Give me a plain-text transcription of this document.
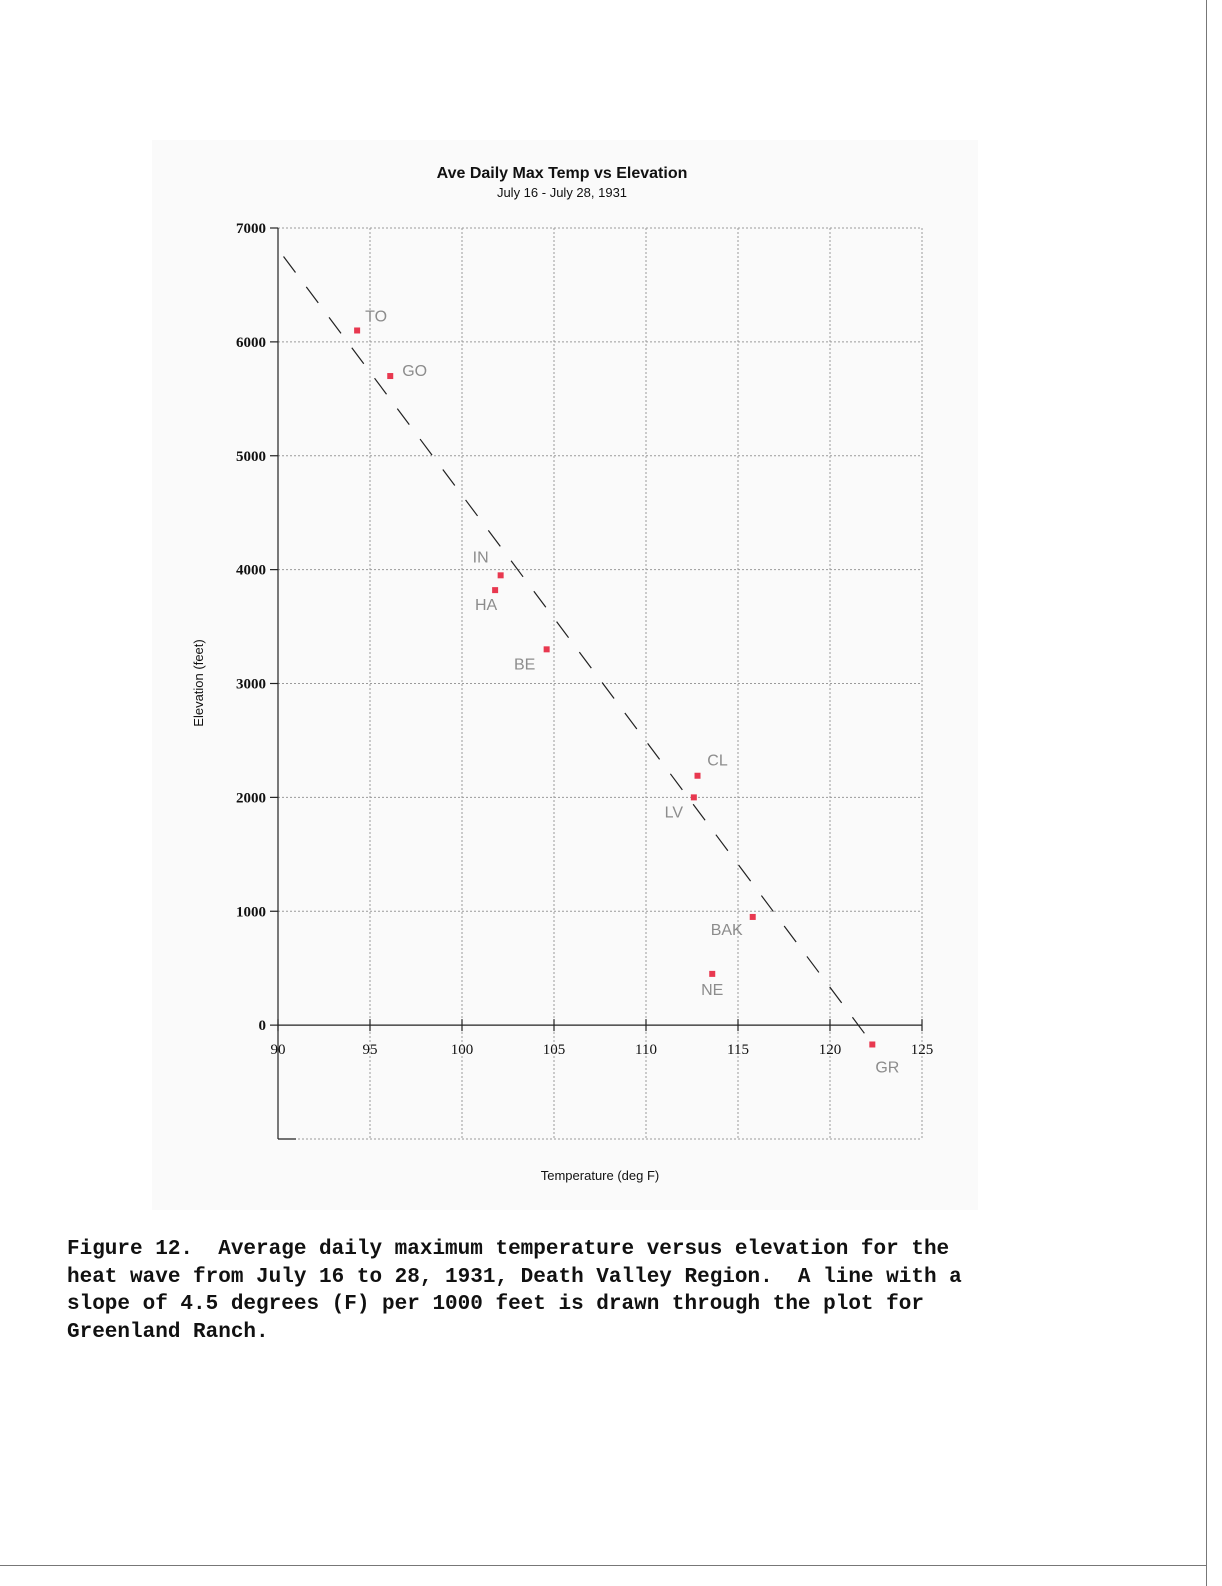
Ave Daily Max Temp vs Elevation
July 16 - July 28, 1931
0
1000
2000
3000
4000
5000
6000
7000
90	95	100	105	110	115	120	125
TO
GO
IN
HA
BE
CL
LV
BAK
NE
GR
Temperature (deg F)
Elevation (feet)

Figure 12.  Average daily maximum temperature versus elevation for the
heat wave from July 16 to 28, 1931, Death Valley Region.  A line with a
slope of 4.5 degrees (F) per 1000 feet is drawn through the plot for
Greenland Ranch.
